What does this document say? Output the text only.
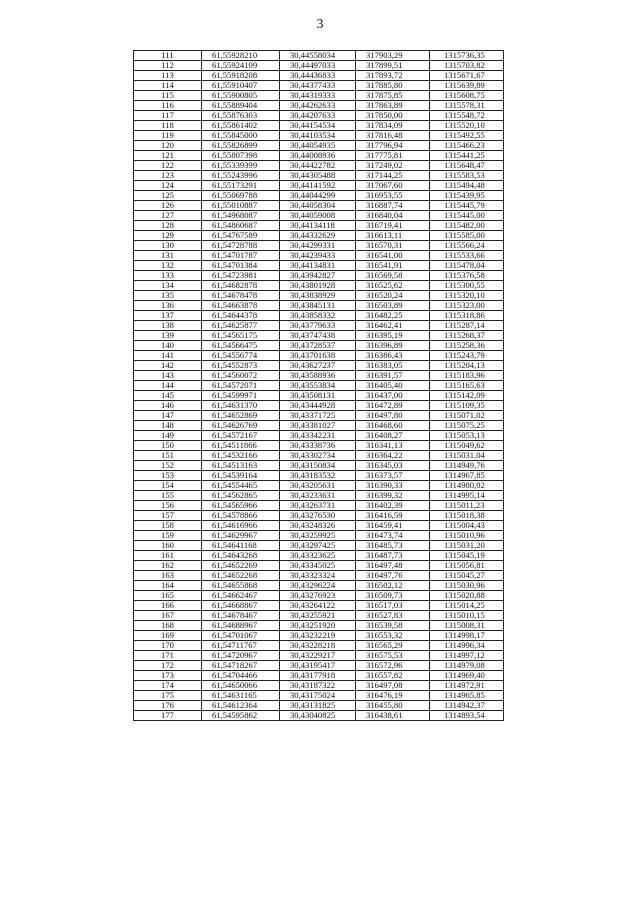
3
111	61,55928210	30,44558034	317903,29	1315736,35
112	61,55924109	30,44497033	317899,51	1315703,82
113	61,55918208	30,44436833	317893,72	1315671,67
114	61,55910407	30,44377433	317885,80	1315639,89
115	61,55900805	30,44319333	317875,85	1315608,75
116	61,55889404	30,44262633	317863,89	1315578,31
117	61,55876303	30,44207633	317850,00	1315548,72
118	61,55861402	30,44154534	317834,09	1315520,10
119	61,55845000	30,44103534	317816,48	1315492,55
120	61,55826899	30,44054935	317796,94	1315466,23
121	61,55807398	30,44008936	317775,81	1315441,25
122	61,55339399	30,44422782	317249,02	1315648,47
123	61,55243996	30,44305488	317144,25	1315583,53
124	61,55173291	30,44141592	317067,60	1315494,48
125	61,55069788	30,44044299	316953,55	1315439,95
126	61,55010887	30,44058304	316887,74	1315445,79
127	61,54968087	30,44059008	316840,04	1315445,00
128	61,54860687	30,44134118	316719,41	1315482,00
129	61,54767589	30,44332629	316613,11	1315585,00
130	61,54728788	30,44299331	316570,31	1315566,24
131	61,54701787	30,44239433	316541,00	1315533,66
132	61,54701384	30,44134831	316541,91	1315478,04
133	61,54723981	30,43942827	316569,58	1315376,58
134	61,54682878	30,43801928	316525,62	1315300,55
135	61,54678478	30,43838929	316520,24	1315320,10
136	61,54663878	30,43845131	316503,89	1315323,00
137	61,54644378	30,43858332	316482,25	1315318,86
138	61,54625877	30,43779633	316462,41	1315287,14
139	61,54565175	30,43747438	316395,19	1315268,37
140	61,54566475	30,43728537	316396,89	1315258,36
141	61,54556774	30,43701638	316386,43	1315243,79
142	61,54552873	30,43627237	316383,05	1315204,13
143	61,54560072	30,43588936	316391,57	1315183,96
144	61,54572071	30,43553834	316405,40	1315165,63
145	61,54599971	30,43508131	316437,00	1315142,09
146	61,54631370	30,43444928	316472,89	1315109,35
147	61,54652869	30,43371725	316497,80	1315071,02
148	61,54626769	30,43381027	316468,60	1315075,25
149	61,54572167	30,43342231	316408,27	1315053,13
150	61,54511866	30,43338736	316341,13	1315049,62
151	61,54532166	30,43302734	316364,22	1315031,04
152	61,54513163	30,43150834	316345,03	1314949,76
153	61,54539164	30,43183532	316373,57	1314967,85
154	61,54554465	30,43205631	316390,33	1314980,02
155	61,54562865	30,43233631	316399,32	1314995,14
156	61,54565966	30,43263731	316402,39	1315011,23
157	61,54578866	30,43276530	316416,59	1315018,38
158	61,54616966	30,43248326	316459,41	1315004,43
159	61,54629967	30,43259925	316473,74	1315010,96
160	61,54641168	30,43297425	316485,73	1315031,20
161	61,54643268	30,43323625	316487,73	1315045,19
162	61,54652269	30,43345025	316497,48	1315056,81
163	61,54652268	30,43323324	316497,76	1315045,27
164	61,54655868	30,43296224	316502,12	1315030,96
165	61,54662467	30,43276923	316509,73	1315020,88
166	61,54668867	30,43264122	316517,03	1315014,25
167	61,54678467	30,43255921	316527,83	1315010,15
168	61,54688967	30,43251920	316539,58	1315008,31
169	61,54701067	30,43232219	316553,32	1314998,17
170	61,54711767	30,43228218	316565,29	1314996,34
171	61,54720967	30,43229217	316575,53	1314997,12
172	61,54718267	30,43195417	316572,96	1314979,08
173	61,54704466	30,43177918	316557,82	1314969,40
174	61,54650066	30,43187322	316497,08	1314972,91
175	61,54631165	30,43175024	316476,19	1314965,85
176	61,54612364	30,43131825	316455,80	1314942,37
177	61,54595862	30,43040825	316438,61	1314893,54
